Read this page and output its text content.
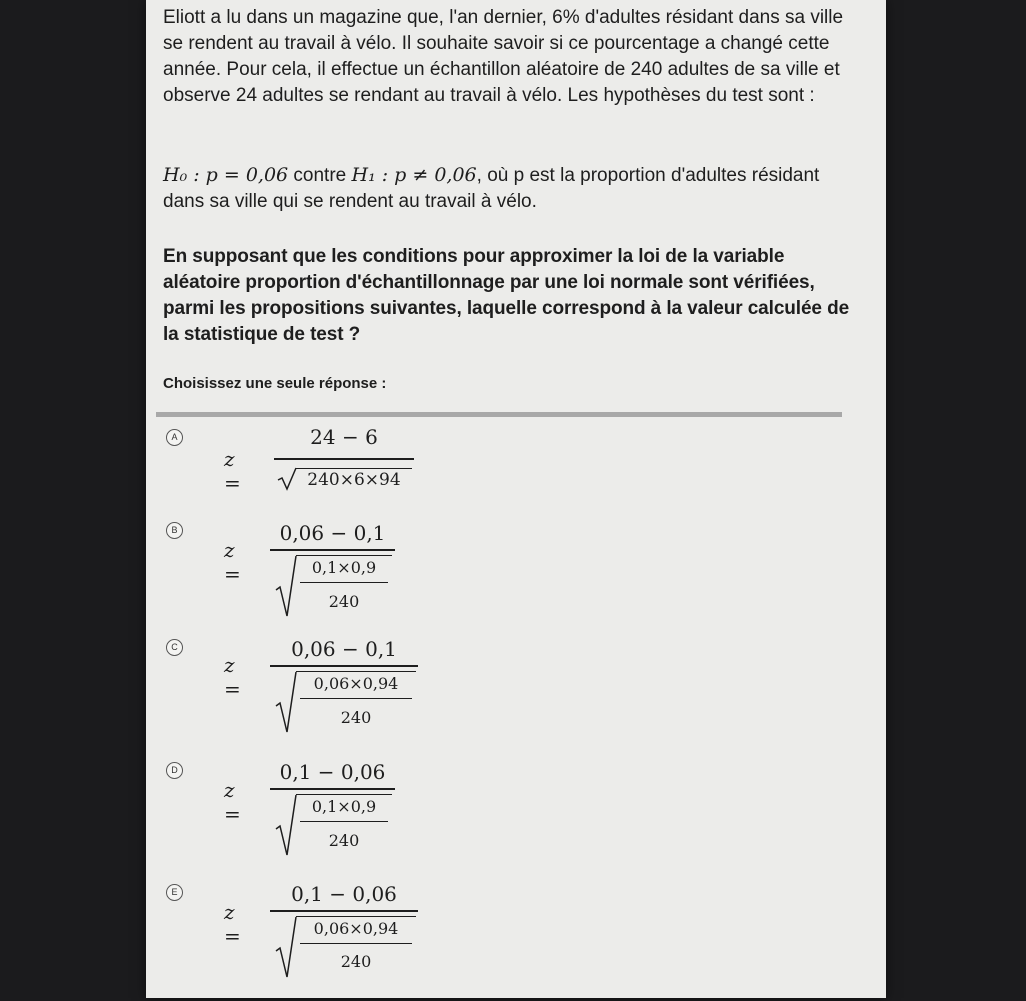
Eliott a lu dans un magazine que, l'an dernier, 6% d'adultes résidant dans sa ville se rendent au travail à vélo. Il souhaite savoir si ce pourcentage a changé cette année. Pour cela, il effectue un échantillon aléatoire de 240 adultes de sa ville et observe 24 adultes se rendant au travail à vélo. Les hypothèses du test sont :
H₀ : p = 0,06 contre H₁ : p ≠ 0,06, où p est la proportion d'adultes résidant dans sa ville qui se rendent au travail à vélo.
En supposant que les conditions pour approximer la loi de la variable aléatoire proportion d'échantillonnage par une loi normale sont vérifiées, parmi les propositions suivantes, laquelle correspond à la valeur calculée de la statistique de test ?
Choisissez une seule réponse :
A
z =
24 − 6
240×6×94
B
z =
0,06 − 0,1
0,1×0,9
240
C
z =
0,06 − 0,1
0,06×0,94
240
D
z =
0,1 − 0,06
0,1×0,9
240
E
z =
0,1 − 0,06
0,06×0,94
240
